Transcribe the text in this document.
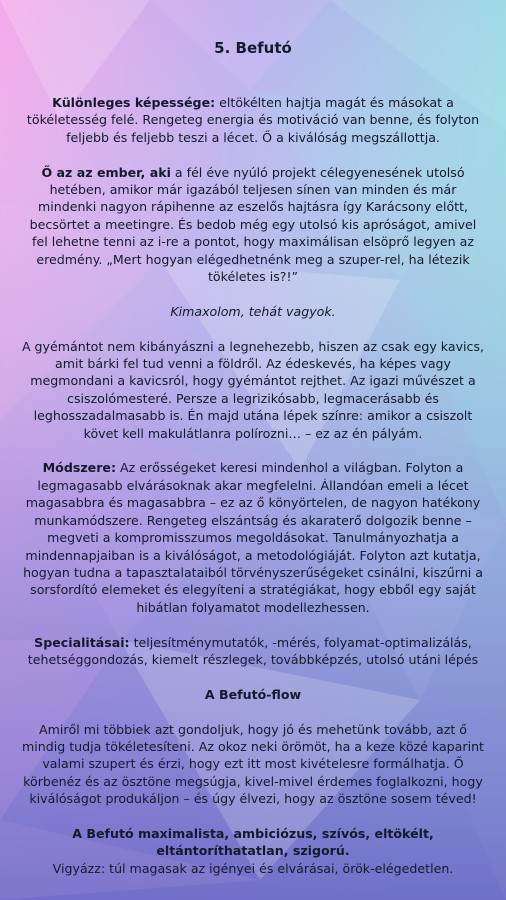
5. Befutó

Különleges képessége: eltökélten hajtja magát és másokat a tökéletesség felé. Rengeteg energia és motiváció van benne, és folyton feljebb és feljebb teszi a lécet. Ő a kiválóság megszállottja.

Ő az az ember, aki a fél éve nyúló projekt célegyenesének utolsó hetében, amikor már igazából teljesen sínen van minden és már mindenki nagyon rápihenne az eszelős hajtásra így Karácsony előtt, becsörtet a meetingre. És bedob még egy utolsó kis apróságot, amivel fel lehetne tenni az i-re a pontot, hogy maximálisan elsöprő legyen az eredmény. „Mert hogyan elégedhetnénk meg a szuper-rel, ha létezik tökéletes is?!”

Kimaxolom, tehát vagyok.

A gyémántot nem kibányászni a legnehezebb, hiszen az csak egy kavics, amit bárki fel tud venni a földről. Az édeskevés, ha képes vagy megmondani a kavicsról, hogy gyémántot rejthet. Az igazi művészet a csiszolómesteré. Persze a legrizikósabb, legmacerásabb és leghosszadalmasabb is. Én majd utána lépek színre: amikor a csiszolt követ kell makulátlanra polírozni… – ez az én pályám.

Módszere: Az erősségeket keresi mindenhol a világban. Folyton a legmagasabb elvárásoknak akar megfelelni. Állandóan emeli a lécet magasabbra és magasabbra – ez az ő könyörtelen, de nagyon hatékony munkamódszere. Rengeteg elszántság és akaraterő dolgozik benne – megveti a kompromisszumos megoldásokat. Tanulmányozhatja a mindennapjaiban is a kiválóságot, a metodológiáját. Folyton azt kutatja, hogyan tudna a tapasztalataiból törvényszerűségeket csinálni, kiszűrni a sorsfordító elemeket és elegyíteni a stratégiákat, hogy ebből egy saját hibátlan folyamatot modellezhessen.

Specialitásai: teljesítménymutatók, -mérés, folyamat-optimalizálás, tehetséggondozás, kiemelt részlegek, továbbképzés, utolsó utáni lépés

A Befutó-flow

Amiről mi többiek azt gondoljuk, hogy jó és mehetünk tovább, azt ő mindig tudja tökéletesíteni. Az okoz neki örömöt, ha a keze közé kaparint valami szupert és érzi, hogy ezt itt most kivételesre formálhatja. Ő körbenéz és az ösztöne megsúgja, kivel-mivel érdemes foglalkozni, hogy kiválóságot produkáljon – és úgy élvezi, hogy az ösztöne sosem téved!

A Befutó maximalista, ambiciózus, szívós, eltökélt, eltántoríthatatlan, szigorú.
Vigyázz: túl magasak az igényei és elvárásai, örök-elégedetlen.
